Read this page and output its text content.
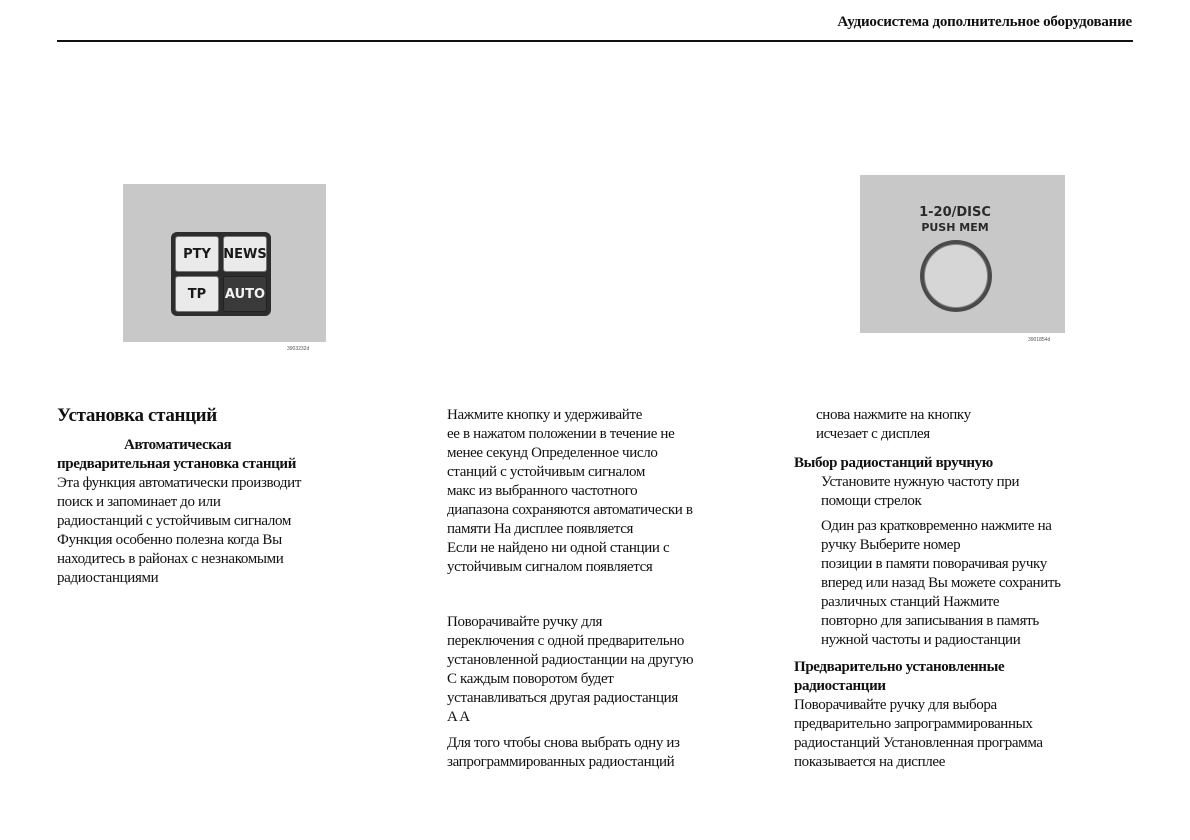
Аудиосистема дополнительное оборудование
PTY NEWS
TP	AUTO
3903232d
1-20/DISC
PUSH MEM
3901854d
Установка станций
Автоматическая
предварительная установка станций
Эта функция автоматически производит
поиск и запоминает до или
радиостанций с устойчивым сигналом
Функция особенно полезна когда Вы
находитесь в районах с незнакомыми
радиостанциями
Нажмите кнопку и удерживайте
ее в нажатом положении в течение не
менее секунд Определенное число
станций с устойчивым сигналом
макс из выбранного частотного
диапазона сохраняются автоматически в
памяти На дисплее появляется
Если не найдено ни одной станции с
устойчивым сигналом появляется
Поворачивайте ручку для
переключения с одной предварительно
установленной радиостанции на другую
С каждым поворотом будет
устанавливаться другая радиостанция
A A
Для того чтобы снова выбрать одну из
запрограммированных радиостанций
снова нажмите на кнопку
исчезает с дисплея
Выбор радиостанций вручную
Установите нужную частоту при
помощи стрелок
Один раз кратковременно нажмите на
ручку Выберите номер
позиции в памяти поворачивая ручку
вперед или назад Вы можете сохранить
различных станций Нажмите
повторно для записывания в память
нужной частоты и радиостанции
Предварительно установленные
радиостанции
Поворачивайте ручку для выбора
предварительно запрограммированных
радиостанций Установленная программа
показывается на дисплее
